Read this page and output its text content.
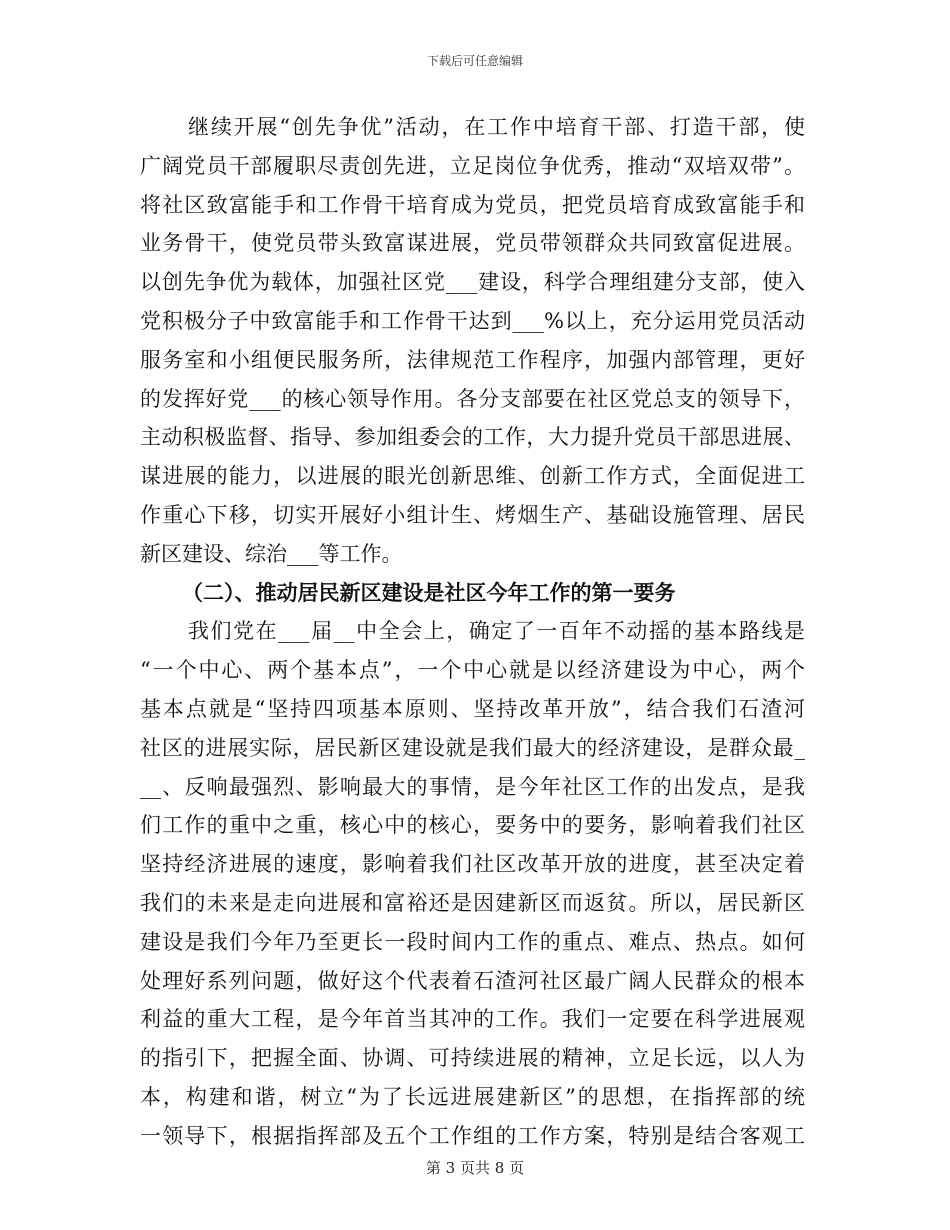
下载后可任意编辑
继续开展“创先争优”活动，在工作中培育干部、打造干部，使
广阔党员干部履职尽责创先进，立足岗位争优秀，推动“双培双带”。
将社区致富能手和工作骨干培育成为党员，把党员培育成致富能手和
业务骨干，使党员带头致富谋进展，党员带领群众共同致富促进展。
以创先争优为载体，加强社区党___建设，科学合理组建分支部，使入
党积极分子中致富能手和工作骨干达到___%以上，充分运用党员活动
服务室和小组便民服务所，法律规范工作程序，加强内部管理，更好
的发挥好党___的核心领导作用。各分支部要在社区党总支的领导下，
主动积极监督、指导、参加组委会的工作，大力提升党员干部思进展、
谋进展的能力，以进展的眼光创新思维、创新工作方式，全面促进工
作重心下移，切实开展好小组计生、烤烟生产、基础设施管理、居民
新区建设、综治___等工作。
（二）、推动居民新区建设是社区今年工作的第一要务
我们党在___届__中全会上，确定了一百年不动摇的基本路线是
“一个中心、两个基本点”，一个中心就是以经济建设为中心，两个
基本点就是“坚持四项基本原则、坚持改革开放”，结合我们石渣河
社区的进展实际，居民新区建设就是我们最大的经济建设，是群众最_
__、反响最强烈、影响最大的事情，是今年社区工作的出发点，是我
们工作的重中之重，核心中的核心，要务中的要务，影响着我们社区
坚持经济进展的速度，影响着我们社区改革开放的进度，甚至决定着
我们的未来是走向进展和富裕还是因建新区而返贫。所以，居民新区
建设是我们今年乃至更长一段时间内工作的重点、难点、热点。如何
处理好系列问题，做好这个代表着石渣河社区最广阔人民群众的根本
利益的重大工程，是今年首当其冲的工作。我们一定要在科学进展观
的指引下，把握全面、协调、可持续进展的精神，立足长远，以人为
本，构建和谐，树立“为了长远进展建新区”的思想，在指挥部的统
一领导下，根据指挥部及五个工作组的工作方案，特别是结合客观工
第 3 页共 8 页
